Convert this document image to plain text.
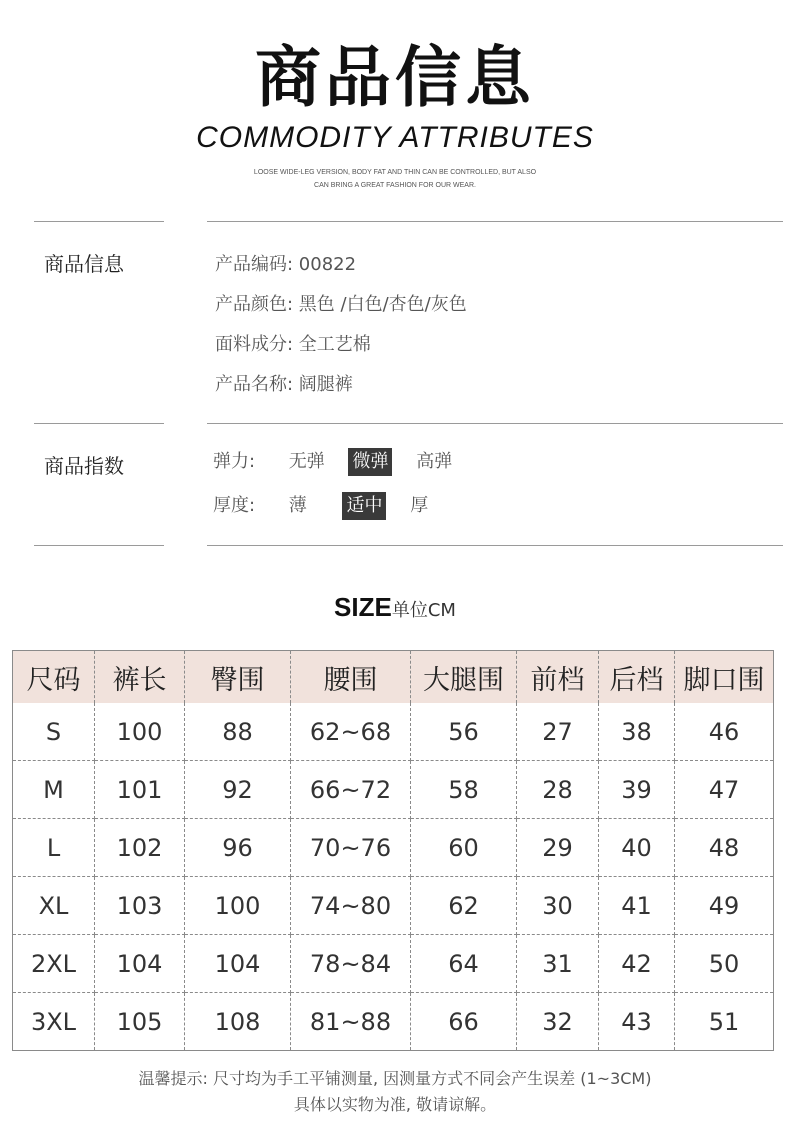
商品信息
COMMODITY ATTRIBUTES
LOOSE WIDE-LEG VERSION, BODY FAT AND THIN CAN BE CONTROLLED, BUT ALSO
CAN BRING A GREAT FASHION FOR OUR WEAR.
商品信息	产品编码: 00822
产品颜色: 黑色 /白色/杏色/灰色
面料成分: 全工艺棉
产品名称: 阔腿裤
商品指数	弹力: 无弹 微弹 高弹
厚度: 薄 适中 厚
SIZE单位CM
尺码	裤长	臀围	腰围	大腿围	前档	后档	脚口围
S	100	88	62~68	56	27	38	46
M	101	92	66~72	58	28	39	47
L	102	96	70~76	60	29	40	48
XL	103	100	74~80	62	30	41	49
2XL	104	104	78~84	64	31	42	50
3XL	105	108	81~88	66	32	43	51
温馨提示: 尺寸均为手工平铺测量, 因测量方式不同会产生误差 (1~3CM)
具体以实物为准, 敬请谅解。
